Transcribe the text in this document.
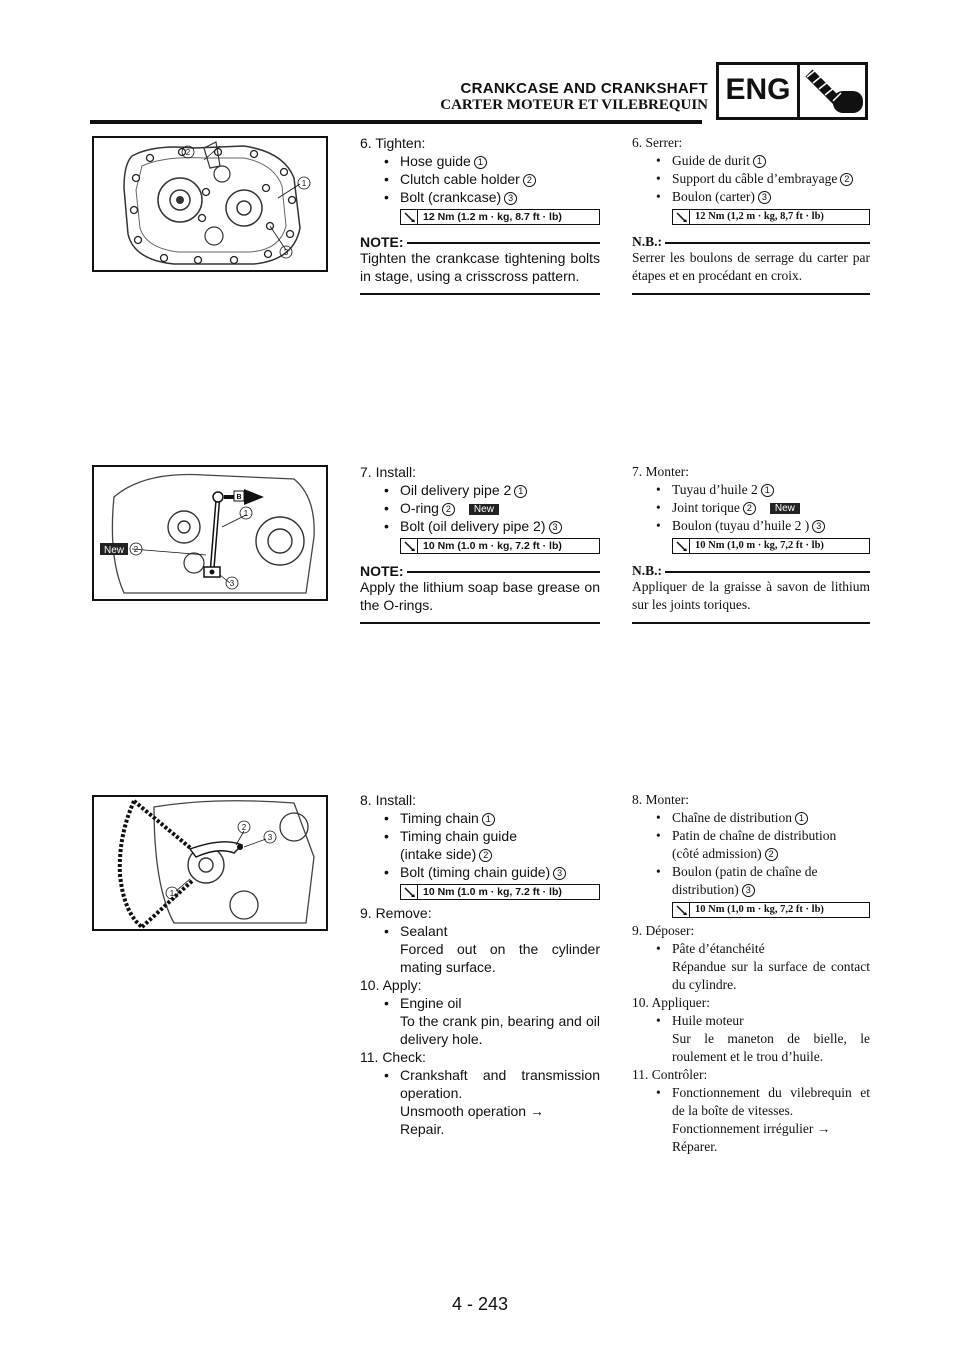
CRANKCASE AND CRANKSHAFT
CARTER MOTEUR ET VILEBREQUIN ENG
2
1
3
B
New
1
2
3
2
1
3
6. Tighten:
• Hose guide 1
• Clutch cable holder 2
• Bolt (crankcase) 3
12 Nm (1.2 m · kg, 8.7 ft · lb)
NOTE:
Tighten the crankcase tightening bolts in stage, using a crisscross pattern.
6. Serrer:
• Guide de durit 1
• Support du câble d’embrayage 2
• Boulon (carter) 3
12 Nm (1,2 m · kg, 8,7 ft · lb)
N.B.:
Serrer les boulons de serrage du carter par étapes et en procédant en croix.
7. Install:
• Oil delivery pipe 2 1
• O-ring 2 New
• Bolt (oil delivery pipe 2) 3
10 Nm (1.0 m · kg, 7.2 ft · lb)
NOTE:
Apply the lithium soap base grease on the O-rings.
7. Monter:
• Tuyau d’huile 2 1
• Joint torique 2 New
• Boulon (tuyau d’huile 2 ) 3
10 Nm (1,0 m · kg, 7,2 ft · lb)
N.B.:
Appliquer de la graisse à savon de lithium sur les joints toriques.
8. Install:
• Timing chain 1
• Timing chain guide
(intake side) 2
• Bolt (timing chain guide) 3
10 Nm (1.0 m · kg, 7.2 ft · lb)
9. Remove:
• Sealant
Forced out on the cylinder mating surface.
10. Apply:
• Engine oil
To the crank pin, bearing and oil delivery hole.
11. Check:
• Crankshaft and transmission operation.
Unsmooth operation →
Repair.
8. Monter:
• Chaîne de distribution 1
• Patin de chaîne de distribution
(côté admission) 2
• Boulon (patin de chaîne de distribution) 3
10 Nm (1,0 m · kg, 7,2 ft · lb)
9. Déposer:
• Pâte d’étanchéité
Répandue sur la surface de contact du cylindre.
10. Appliquer:
• Huile moteur
Sur le maneton de bielle, le roulement et le trou d’huile.
11. Contrôler:
• Fonctionnement du vilebrequin et de la boîte de vitesses.
Fonctionnement irrégulier →
Réparer.
4 - 243
